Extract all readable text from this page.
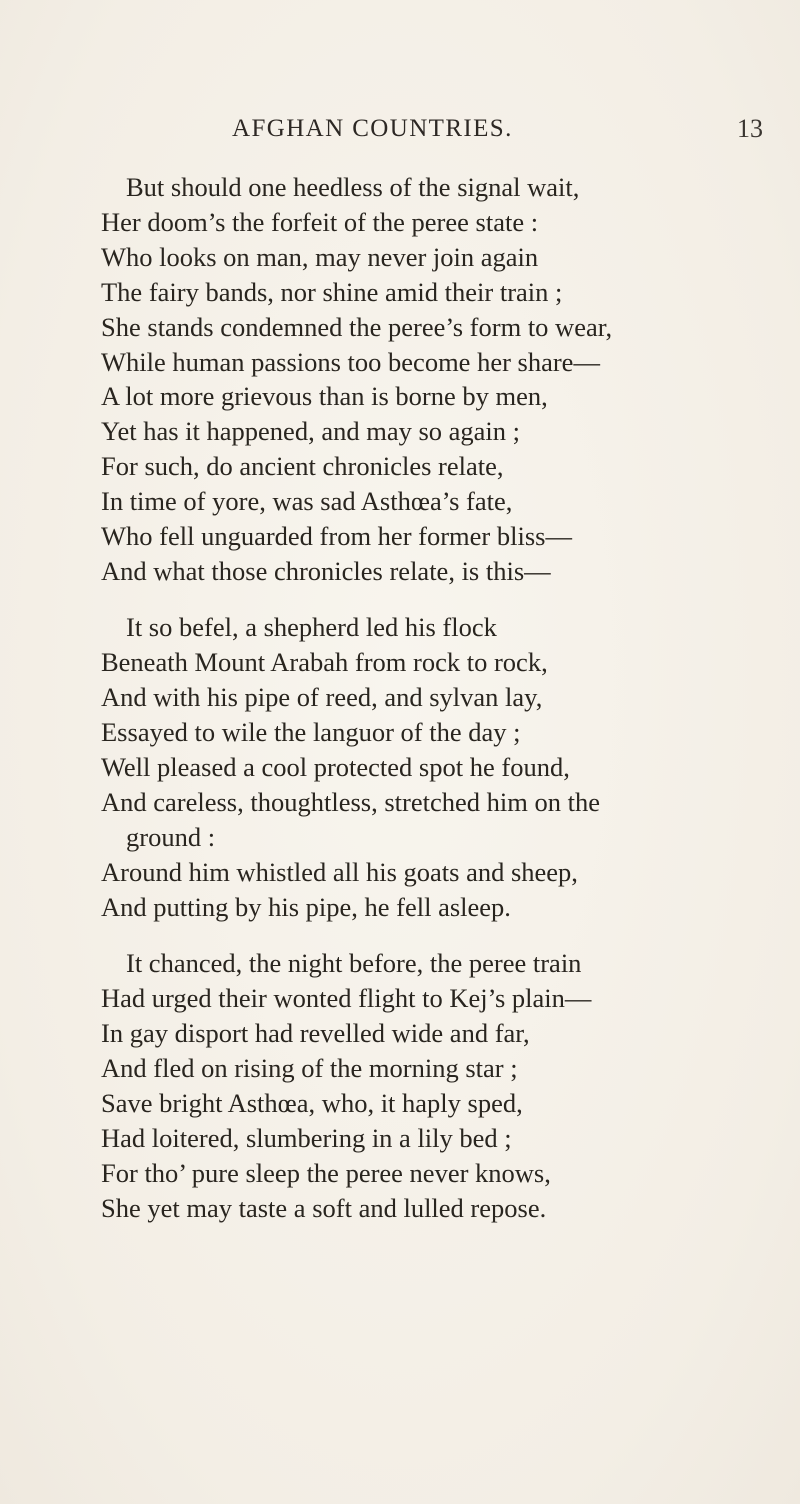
AFGHAN COUNTRIES.	13
But should one heedless of the signal wait,
Her doom’s the forfeit of the peree state :
Who looks on man, may never join again
The fairy bands, nor shine amid their train ;
She stands condemned the peree’s form to wear,
While human passions too become her share—
A lot more grievous than is borne by men,
Yet has it happened, and may so again ;
For such, do ancient chronicles relate,
In time of yore, was sad Asthœa’s fate,
Who fell unguarded from her former bliss—
And what those chronicles relate, is this—
It so befel, a shepherd led his flock
Beneath Mount Arabah from rock to rock,
And with his pipe of reed, and sylvan lay,
Essayed to wile the languor of the day ;
Well pleased a cool protected spot he found,
And careless, thoughtless, stretched him on the
ground :
Around him whistled all his goats and sheep,
And putting by his pipe, he fell asleep.
It chanced, the night before, the peree train
Had urged their wonted flight to Kej’s plain—
In gay disport had revelled wide and far,
And fled on rising of the morning star ;
Save bright Asthœa, who, it haply sped,
Had loitered, slumbering in a lily bed ;
For tho’ pure sleep the peree never knows,
She yet may taste a soft and lulled repose.
